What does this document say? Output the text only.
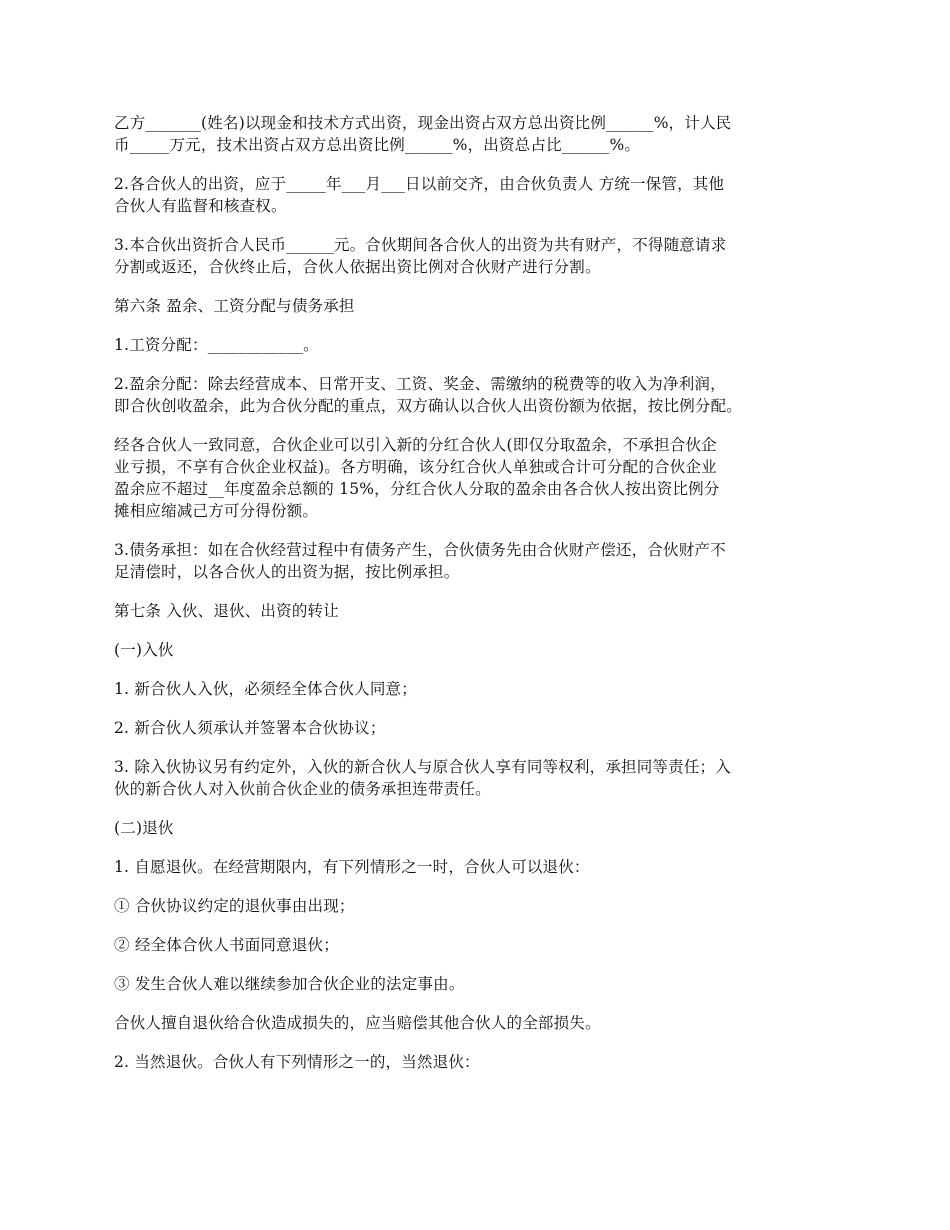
乙方_______(姓名)以现金和技术方式出资，现金出资占双方总出资比例______%，计人民
币_____万元，技术出资占双方总出资比例______%，出资总占比______%。

2.各合伙人的出资，应于_____年___月___日以前交齐，由合伙负责人 方统一保管，其他
合伙人有监督和核查权。

3.本合伙出资折合人民币______元。合伙期间各合伙人的出资为共有财产，不得随意请求
分割或返还，合伙终止后，合伙人依据出资比例对合伙财产进行分割。

第六条 盈余、工资分配与债务承担

1.工资分配：____________。

2.盈余分配：除去经营成本、日常开支、工资、奖金、需缴纳的税费等的收入为净利润，
即合伙创收盈余，此为合伙分配的重点，双方确认以合伙人出资份额为依据，按比例分配。

经各合伙人一致同意，合伙企业可以引入新的分红合伙人(即仅分取盈余，不承担合伙企
业亏损，不享有合伙企业权益)。各方明确，该分红合伙人单独或合计可分配的合伙企业
盈余应不超过__年度盈余总额的 15%，分红合伙人分取的盈余由各合伙人按出资比例分
摊相应缩减己方可分得份额。

3.债务承担：如在合伙经营过程中有债务产生，合伙债务先由合伙财产偿还，合伙财产不
足清偿时，以各合伙人的出资为据，按比例承担。

第七条 入伙、退伙、出资的转让

(一)入伙

1. 新合伙人入伙，必须经全体合伙人同意；

2. 新合伙人须承认并签署本合伙协议；

3. 除入伙协议另有约定外，入伙的新合伙人与原合伙人享有同等权利，承担同等责任；入
伙的新合伙人对入伙前合伙企业的债务承担连带责任。

(二)退伙

1. 自愿退伙。在经营期限内，有下列情形之一时，合伙人可以退伙：

① 合伙协议约定的退伙事由出现；

② 经全体合伙人书面同意退伙；

③ 发生合伙人难以继续参加合伙企业的法定事由。

合伙人擅自退伙给合伙造成损失的，应当赔偿其他合伙人的全部损失。

2. 当然退伙。合伙人有下列情形之一的，当然退伙：
